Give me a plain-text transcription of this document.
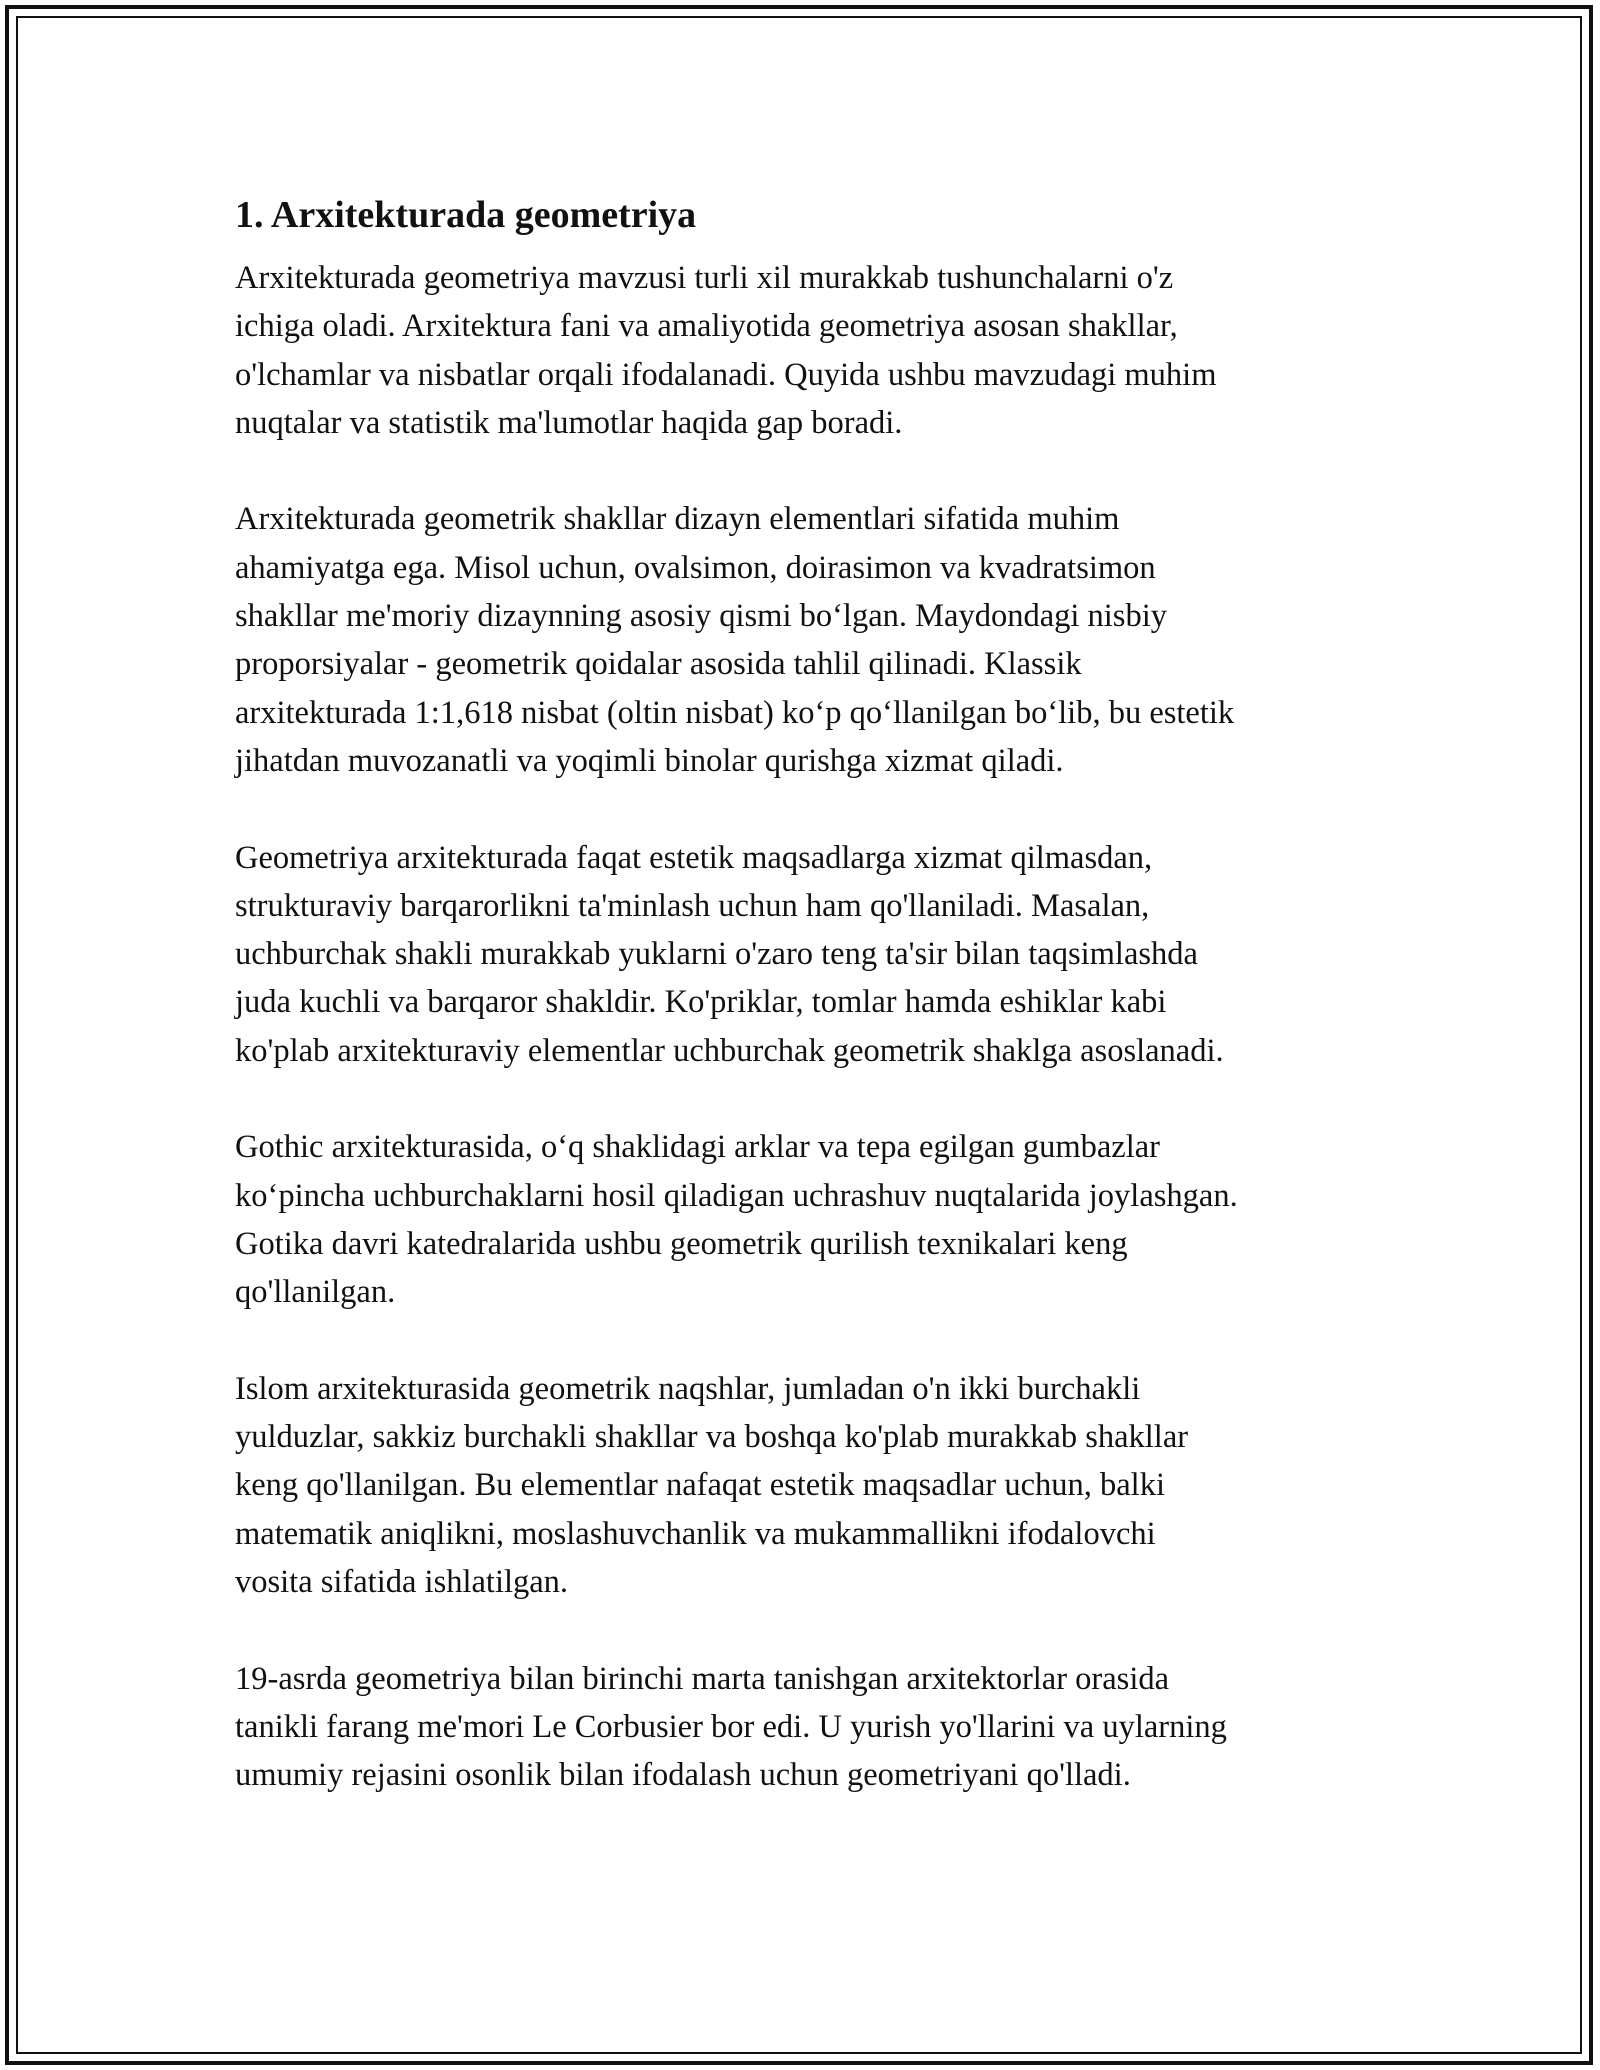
1. Arxitekturada geometriya
Arxitekturada geometriya mavzusi turli xil murakkab tushunchalarni o'z
ichiga oladi. Arxitektura fani va amaliyotida geometriya asosan shakllar,
o'lchamlar va nisbatlar orqali ifodalanadi. Quyida ushbu mavzudagi muhim
nuqtalar va statistik ma'lumotlar haqida gap boradi.
Arxitekturada geometrik shakllar dizayn elementlari sifatida muhim
ahamiyatga ega. Misol uchun, ovalsimon, doirasimon va kvadratsimon
shakllar me'moriy dizaynning asosiy qismi bo‘lgan. Maydondagi nisbiy
proporsiyalar - geometrik qoidalar asosida tahlil qilinadi. Klassik
arxitekturada 1:1,618 nisbat (oltin nisbat) ko‘p qo‘llanilgan bo‘lib, bu estetik
jihatdan muvozanatli va yoqimli binolar qurishga xizmat qiladi.
Geometriya arxitekturada faqat estetik maqsadlarga xizmat qilmasdan,
strukturaviy barqarorlikni ta'minlash uchun ham qo'llaniladi. Masalan,
uchburchak shakli murakkab yuklarni o'zaro teng ta'sir bilan taqsimlashda
juda kuchli va barqaror shakldir. Ko'priklar, tomlar hamda eshiklar kabi
ko'plab arxitekturaviy elementlar uchburchak geometrik shaklga asoslanadi.
Gothic arxitekturasida, o‘q shaklidagi arklar va tepa egilgan gumbazlar
ko‘pincha uchburchaklarni hosil qiladigan uchrashuv nuqtalarida joylashgan.
Gotika davri katedralarida ushbu geometrik qurilish texnikalari keng
qo'llanilgan.
Islom arxitekturasida geometrik naqshlar, jumladan o'n ikki burchakli
yulduzlar, sakkiz burchakli shakllar va boshqa ko'plab murakkab shakllar
keng qo'llanilgan. Bu elementlar nafaqat estetik maqsadlar uchun, balki
matematik aniqlikni, moslashuvchanlik va mukammallikni ifodalovchi
vosita sifatida ishlatilgan.
19-asrda geometriya bilan birinchi marta tanishgan arxitektorlar orasida
tanikli farang me'mori Le Corbusier bor edi. U yurish yo'llarini va uylarning
umumiy rejasini osonlik bilan ifodalash uchun geometriyani qo'lladi.
